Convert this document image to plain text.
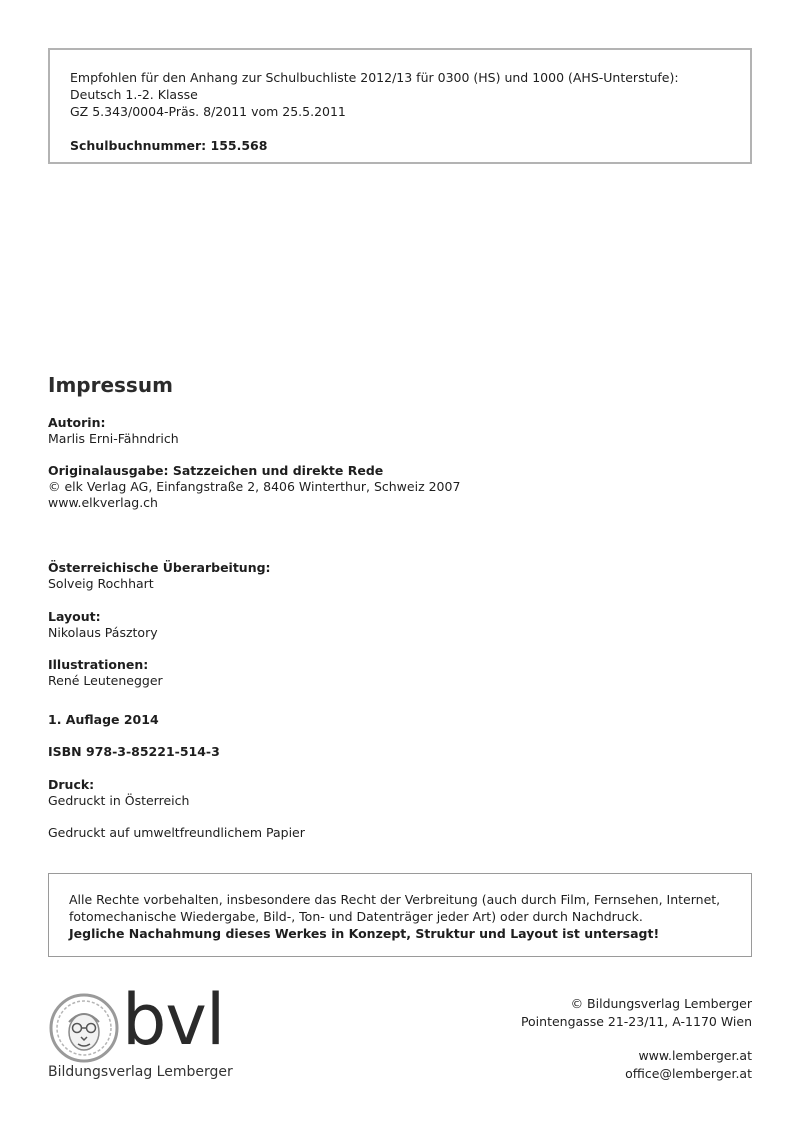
Empfohlen für den Anhang zur Schulbuchliste 2012/13 für 0300 (HS) und 1000 (AHS-Unterstufe):
Deutsch 1.-2. Klasse
GZ 5.343/0004-Präs. 8/2011 vom 25.5.2011
Schulbuchnummer: 155.568
Impressum
Autorin:
Marlis Erni-Fähndrich
Originalausgabe: Satzzeichen und direkte Rede
© elk Verlag AG, Einfangstraße 2, 8406 Winterthur, Schweiz 2007
www.elkverlag.ch
Österreichische Überarbeitung:
Solveig Rochhart
Layout:
Nikolaus Pásztory
Illustrationen:
René Leutenegger
1. Auflage 2014
ISBN 978-3-85221-514-3
Druck:
Gedruckt in Österreich
Gedruckt auf umweltfreundlichem Papier
Alle Rechte vorbehalten, insbesondere das Recht der Verbreitung (auch durch Film, Fernsehen, Internet,
fotomechanische Wiedergabe, Bild-, Ton- und Datenträger jeder Art) oder durch Nachdruck.
Jegliche Nachahmung dieses Werkes in Konzept, Struktur und Layout ist untersagt!
bvl
Bildungsverlag Lemberger
© Bildungsverlag Lemberger
Pointengasse 21-23/11, A-1170 Wien
www.lemberger.at
office@lemberger.at
